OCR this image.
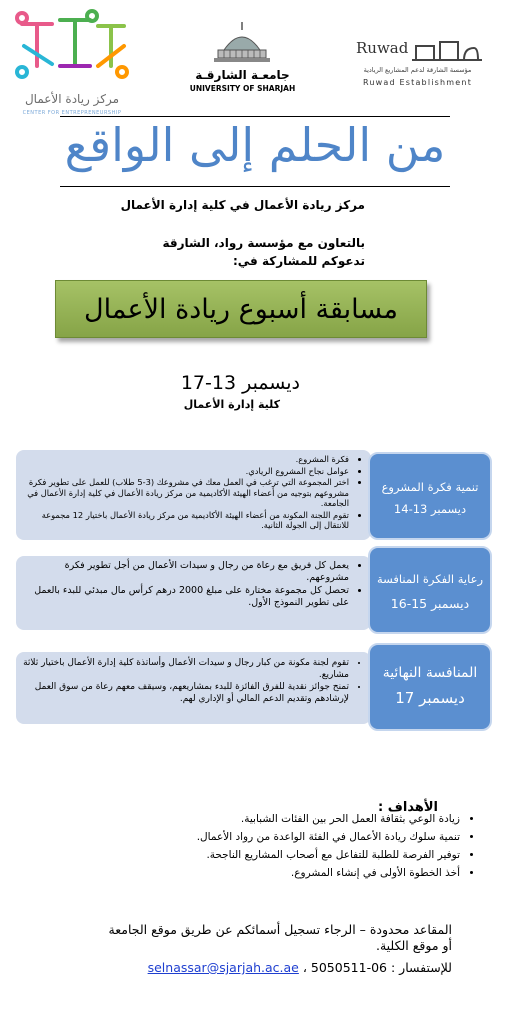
مركز ريادة الأعمال
CENTER FOR ENTREPRENEURSHIP
جامعـة الشارقـة
UNIVERSITY OF SHARJAH
Ruwad
مؤسسة الشارقة لدعم المشاريع الريادية
Ruwad Establishment
من الحلم إلى الواقع
مركز ريادة الأعمال في كلية إدارة الأعمال
بالتعاون مع مؤسسة رواد، الشارقة
تدعوكم للمشاركة في:
مسابقة أسبوع ريادة الأعمال
ديسمبر 13-17
كلية إدارة الأعمال
• فكرة المشروع.
• عوامل نجاح المشروع الريادي.
• اختر المجموعة التي ترغب في العمل معك في مشروعك (3-5 طلاب) للعمل على تطوير فكرة مشروعهم بتوجيه من أعضاء الهيئة الأكاديمية من مركز ريادة الأعمال في كلية إدارة الأعمال في الجامعة.
• تقوم اللجنة المكونة من أعضاء الهيئة الأكاديمية من مركز ريادة الأعمال باختيار 12 مجموعة للانتقال إلى الجولة الثانية.
تنمية فكرة المشروع
ديسمبر 13-14
• يعمل كل فريق مع رعاة من رجال و سيدات الأعمال من أجل تطوير فكرة مشروعهم.
• تحصل كل مجموعة مختارة على مبلغ 2000 درهم كرأس مال مبدئي للبدء بالعمل على تطوير النموذج الأول.
رعاية الفكرة المنافسة
ديسمبر 15-16
• تقوم لجنة مكونة من كبار رجال و سيدات الأعمال وأساتذة كلية إدارة الأعمال باختيار ثلاثة مشاريع.
• تمنح جوائز نقدية للفرق الفائزة للبدء بمشاريعهم، وسيقف معهم رعاة من سوق العمل لإرشادهم وتقديم الدعم المالي أو الإداري لهم.
المنافسة النهائية
ديسمبر 17
الأهداف :
• زيادة الوعي بثقافة العمل الحر بين الفئات الشبابية.
• تنمية سلوك ريادة الأعمال في الفئة الواعدة من رواد الأعمال.
• توفير الفرصة للطلبة للتفاعل مع أصحاب المشاريع الناجحة.
• أخذ الخطوة الأولى في إنشاء المشروع.
المقاعد محدودة – الرجاء تسجيل أسمائكم عن طريق موقع الجامعة أو موقع الكلية.
للإستفسار : 06-5050511 ، selnassar@sjarjah.ac.ae
